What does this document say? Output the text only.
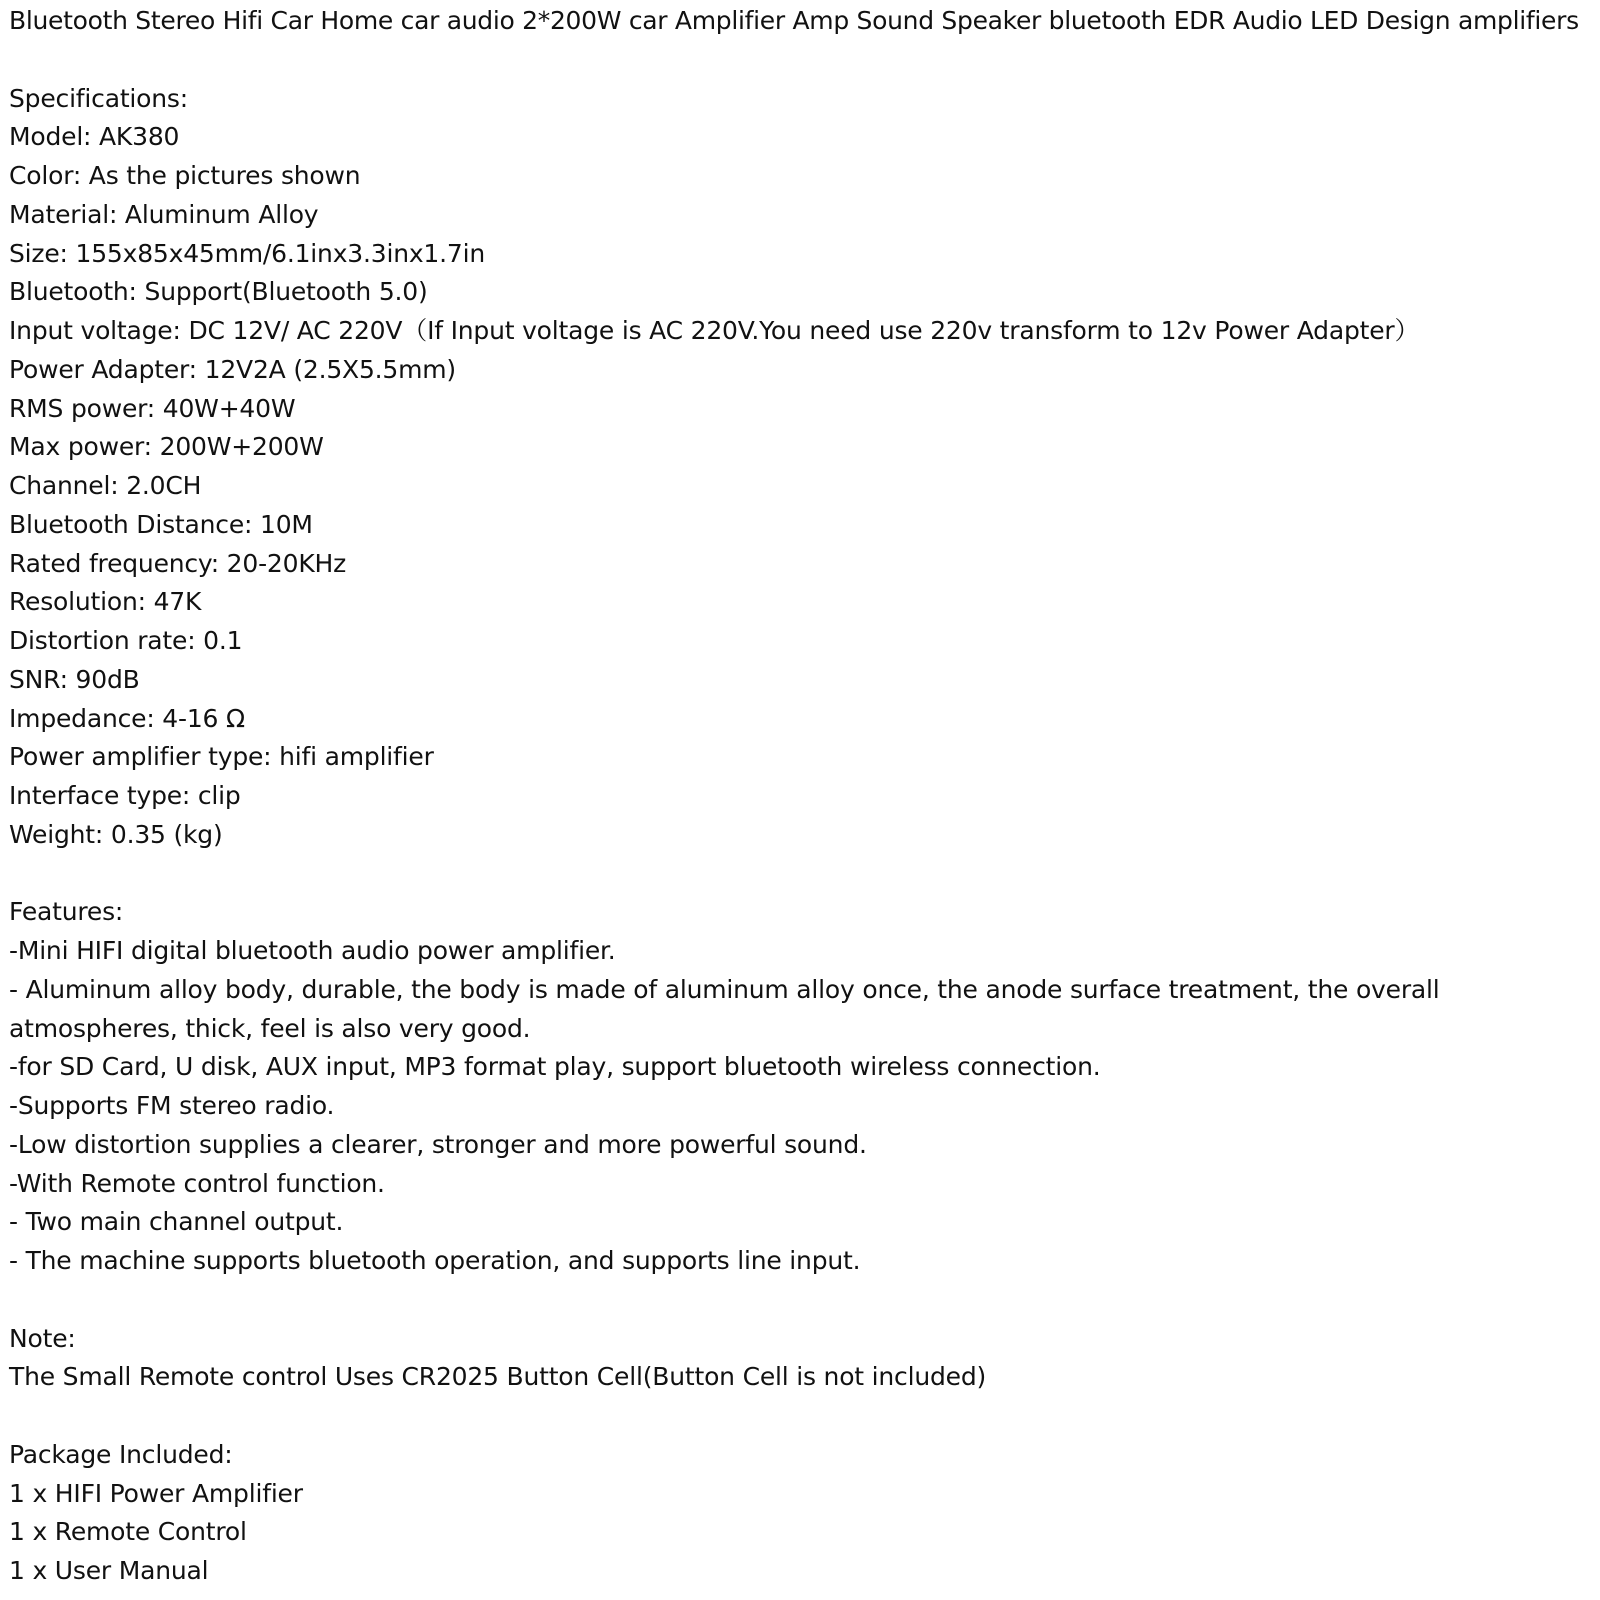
Bluetooth Stereo Hifi Car Home car audio 2*200W car Amplifier Amp Sound Speaker bluetooth EDR Audio LED Design amplifiers
Specifications:
Model: AK380
Color: As the pictures shown
Material: Aluminum Alloy
Size: 155x85x45mm/6.1inx3.3inx1.7in
Bluetooth: Support(Bluetooth 5.0)
Input voltage: DC 12V/ AC 220V（If Input voltage is AC 220V.You need use 220v transform to 12v Power Adapter）
Power Adapter: 12V2A (2.5X5.5mm)
RMS power: 40W+40W
Max power: 200W+200W
Channel: 2.0CH
Bluetooth Distance: 10M
Rated frequency: 20-20KHz
Resolution: 47K
Distortion rate: 0.1
SNR: 90dB
Impedance: 4-16 Ω
Power amplifier type: hifi amplifier
Interface type: clip
Weight: 0.35 (kg)
Features:
-Mini HIFI digital bluetooth audio power amplifier.
- Aluminum alloy body, durable, the body is made of aluminum alloy once, the anode surface treatment, the overall atmospheres, thick, feel is also very good.
-for SD Card, U disk, AUX input, MP3 format play, support bluetooth wireless connection.
-Supports FM stereo radio.
-Low distortion supplies a clearer, stronger and more powerful sound.
-With Remote control function.
- Two main channel output.
- The machine supports bluetooth operation, and supports line input.
Note:
The Small Remote control Uses CR2025 Button Cell(Button Cell is not included)
Package Included:
1 x HIFI Power Amplifier
1 x Remote Control
1 x User Manual
